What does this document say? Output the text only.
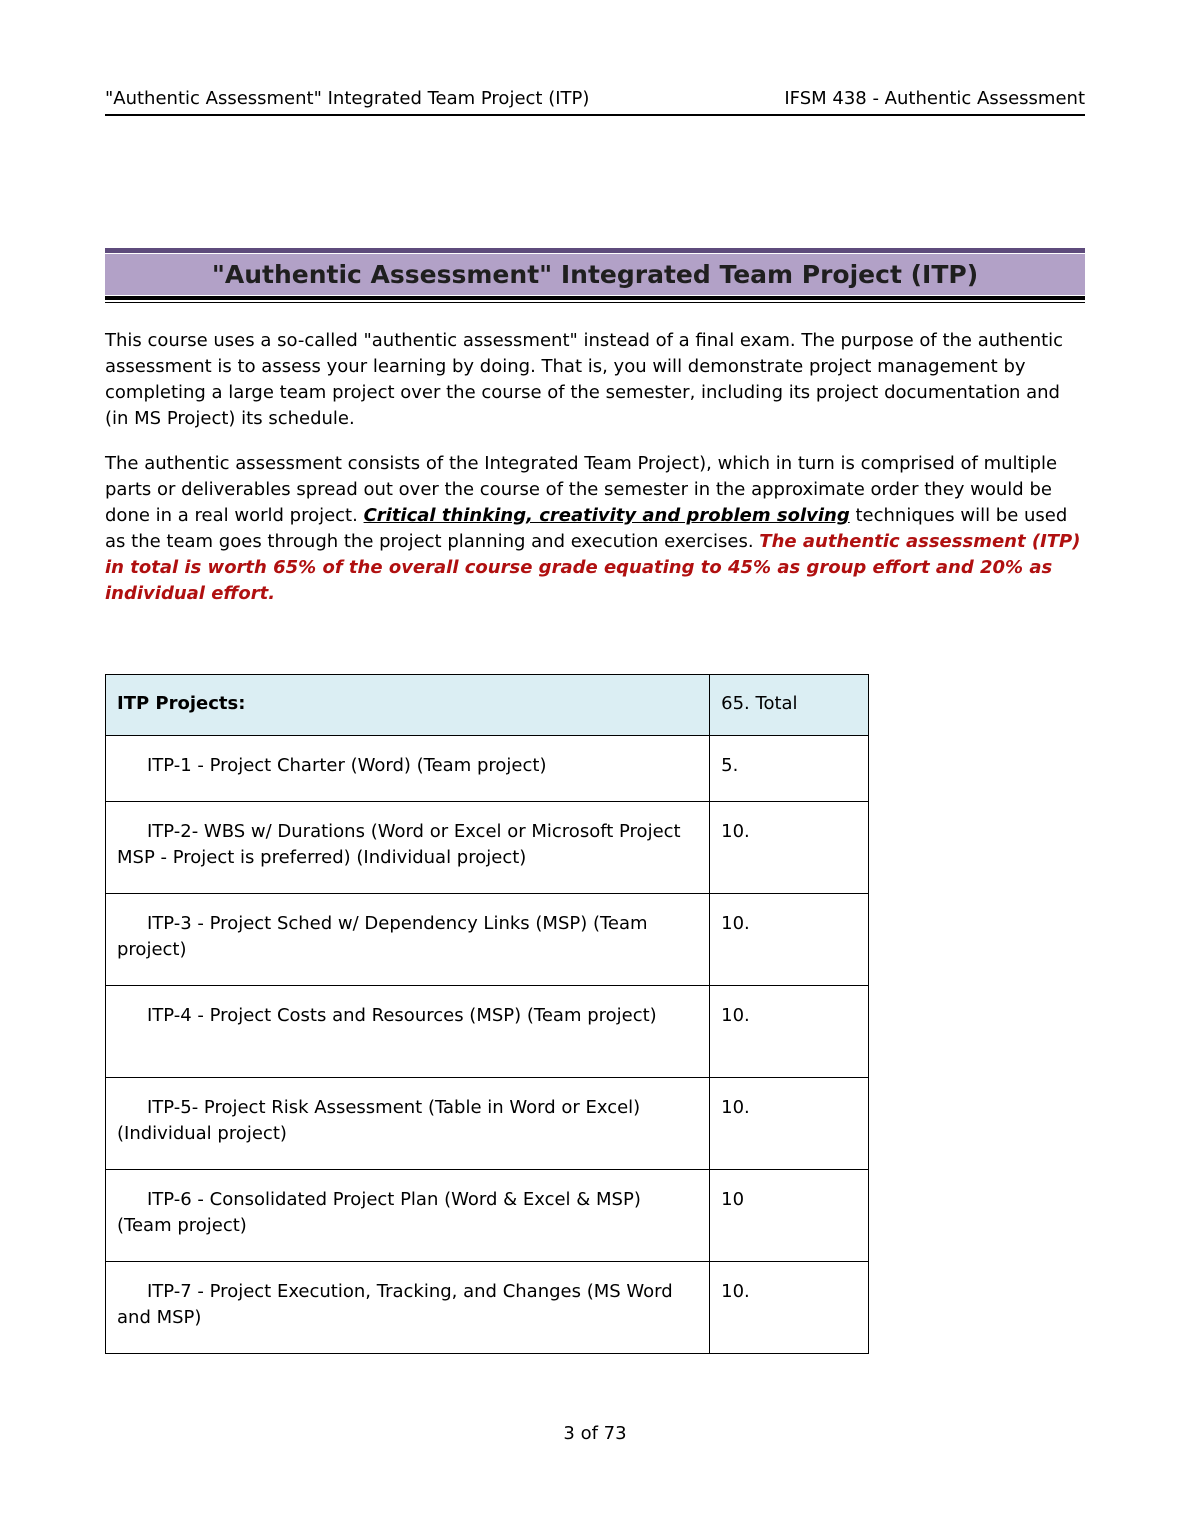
"Authentic Assessment" Integrated Team Project (ITP)	IFSM 438 - Authentic Assessment
"Authentic Assessment" Integrated Team Project (ITP)
This course uses a so-called "authentic assessment" instead of a final exam. The purpose of the authentic assessment is to assess your learning by doing. That is, you will demonstrate project management by completing a large team project over the course of the semester, including its project documentation and (in MS Project) its schedule.
The authentic assessment consists of the Integrated Team Project), which in turn is comprised of multiple parts or deliverables spread out over the course of the semester in the approximate order they would be done in a real world project. Critical thinking, creativity and problem solving techniques will be used as the team goes through the project planning and execution exercises. The authentic assessment (ITP) in total is worth 65% of the overall course grade equating to 45% as group effort and 20% as individual effort.
ITP Projects:	65. Total
ITP-1 - Project Charter (Word) (Team project)	5.
ITP-2- WBS w/ Durations (Word or Excel or Microsoft Project MSP - Project is preferred) (Individual project)	10.
ITP-3 - Project Sched w/ Dependency Links (MSP) (Team project)	10.
ITP-4 - Project Costs and Resources (MSP) (Team project)	10.
ITP-5- Project Risk Assessment (Table in Word or Excel) (Individual project)	10.
ITP-6 - Consolidated Project Plan (Word & Excel & MSP) (Team project)	10
ITP-7 - Project Execution, Tracking, and Changes (MS Word and MSP)	10.
3 of 73
